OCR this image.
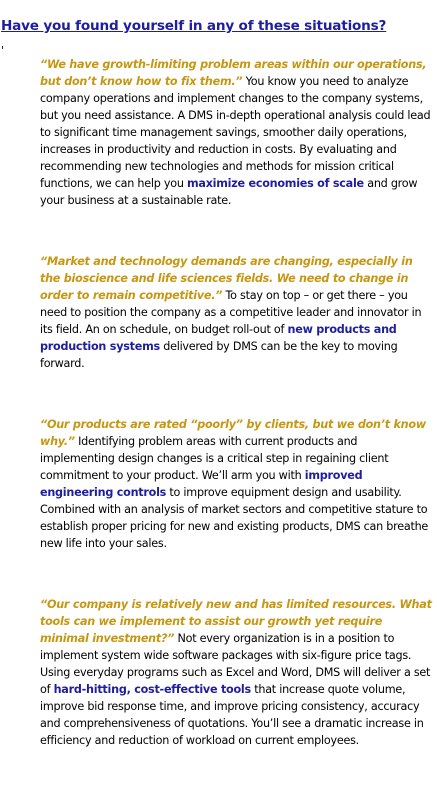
Have you found yourself in any of these situations?

“We have growth-limiting problem areas within our operations, but don’t know how to fix them.” You know you need to analyze company operations and implement changes to the company systems, but you need assistance. A DMS in-depth operational analysis could lead to significant time management savings, smoother daily operations, increases in productivity and reduction in costs. By evaluating and recommending new technologies and methods for mission critical functions, we can help you maximize economies of scale and grow your business at a sustainable rate.

“Market and technology demands are changing, especially in the bioscience and life sciences fields. We need to change in order to remain competitive.” To stay on top – or get there – you need to position the company as a competitive leader and innovator in its field. An on schedule, on budget roll-out of new products and production systems delivered by DMS can be the key to moving forward.

“Our products are rated “poorly” by clients, but we don’t know why.” Identifying problem areas with current products and implementing design changes is a critical step in regaining client commitment to your product. We’ll arm you with improved engineering controls to improve equipment design and usability. Combined with an analysis of market sectors and competitive stature to establish proper pricing for new and existing products, DMS can breathe new life into your sales.

“Our company is relatively new and has limited resources. What tools can we implement to assist our growth yet require minimal investment?” Not every organization is in a position to implement system wide software packages with six-figure price tags. Using everyday programs such as Excel and Word, DMS will deliver a set of hard-hitting, cost-effective tools that increase quote volume, improve bid response time, and improve pricing consistency, accuracy and comprehensiveness of quotations. You’ll see a dramatic increase in efficiency and reduction of workload on current employees.
